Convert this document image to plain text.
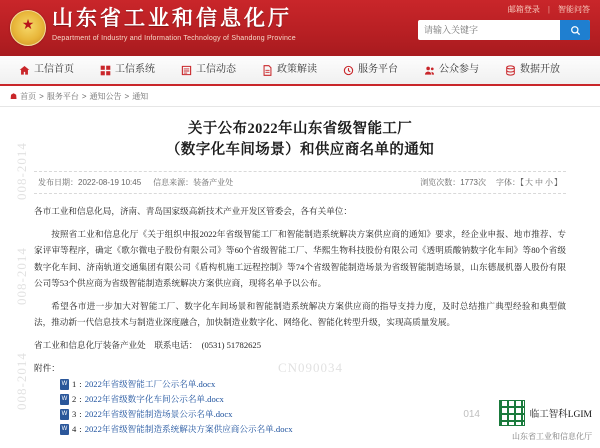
★
山东省工业和信息化厅
Department of Industry and Information Technology of Shandong Province
邮箱登录 | 智能问答
请输入关键字
工信首页	工信系统	工信动态	政策解读	服务平台	公众参与	数据开放
☗ 首页 > 服务平台 > 通知公告 > 通知
关于公布2022年山东省级智能工厂
（数字化车间场景）和供应商名单的通知
发布日期：2022-08-19 10:45 信息来源：装备产业处	浏览次数：1773次 字体：【大 中 小】

各市工业和信息化局，济南、青岛国家级高新技术产业开发区管委会，各有关单位：

按照省工业和信息化厅《关于组织申报2022年省级智能工厂和智能制造系统解决方案供应商的通知》要求，经企业申报、地市推荐、专家评审等程序，确定《歌尔微电子股份有限公司》等60个省级智能工厂、华熙生物科技股份有限公司《透明质酸钠数字化车间》等80个省级数字化车间、济南轨道交通集团有限公司《盾构机施工远程控制》等74个省级智能制造场景为省级智能制造场景，山东德晟机器人股份有限公司等53个供应商为省级智能制造系统解决方案供应商，现将名单予以公布。

希望各市进一步加大对智能工厂、数字化车间场景和智能制造系统解决方案供应商的指导支持力度，及时总结推广典型经验和典型做法，推动新一代信息技术与制造业深度融合，加快制造业数字化、网络化、智能化转型升级，实现高质量发展。

省工业和信息化厅装备产业处　联系电话：　(0531) 51782625

附件：
W 1 : 2022年省级智能工厂公示名单.docx
W 2 : 2022年省级数字化车间公示名单.docx
W 3 : 2022年省级智能制造场景公示名单.docx
W 4 : 2022年省级智能制造系统解决方案供应商公示名单.docx
008-2014
008-2014
008-2014	CN090034
014	临工智科LGIM
山东省工业和信息化厅
